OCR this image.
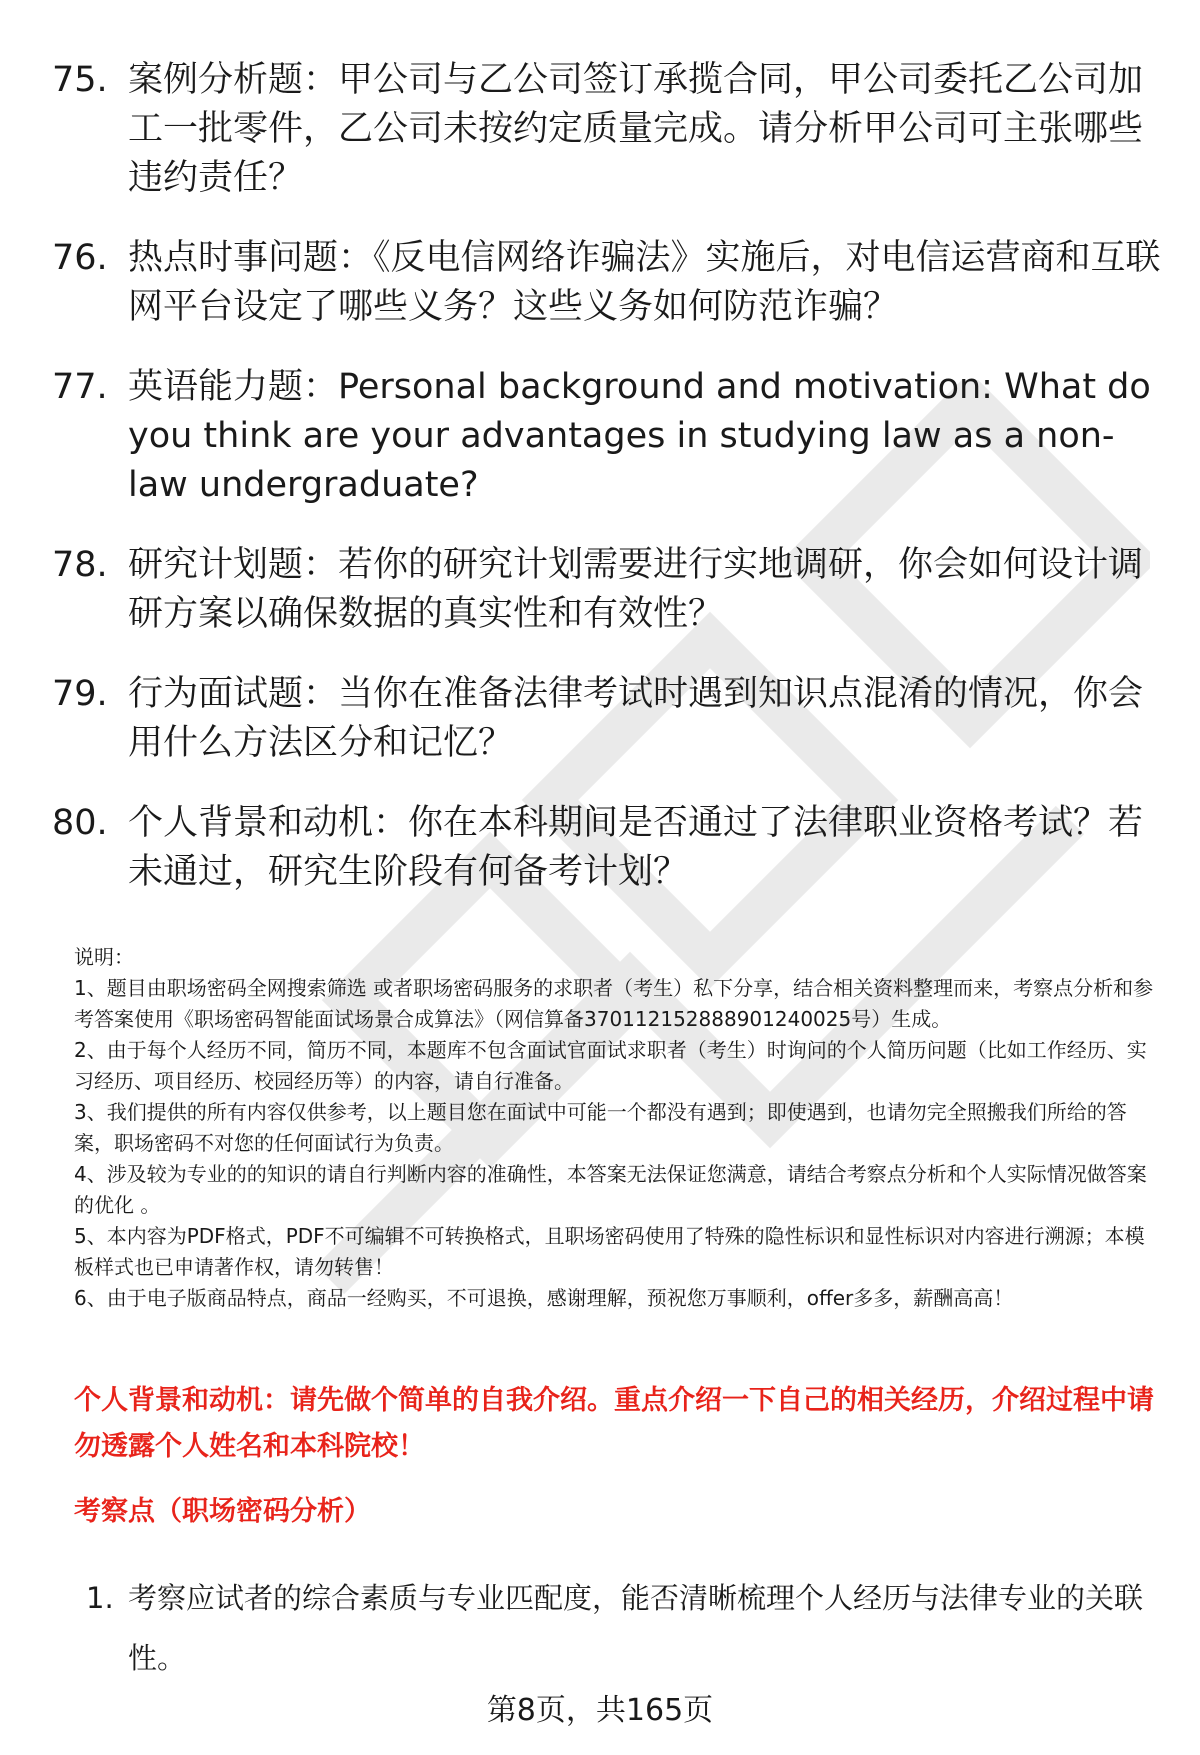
75. 案例分析题：甲公司与乙公司签订承揽合同，甲公司委托乙公司加工一批零件，乙公司未按约定质量完成。请分析甲公司可主张哪些违约责任？
76. 热点时事问题：《反电信网络诈骗法》实施后，对电信运营商和互联网平台设定了哪些义务？这些义务如何防范诈骗？
77. 英语能力题：Personal background and motivation: What do you think are your advantages in studying law as a non-law undergraduate?
78. 研究计划题：若你的研究计划需要进行实地调研，你会如何设计调研方案以确保数据的真实性和有效性？
79. 行为面试题：当你在准备法律考试时遇到知识点混淆的情况，你会用什么方法区分和记忆？
80. 个人背景和动机：你在本科期间是否通过了法律职业资格考试？若未通过，研究生阶段有何备考计划？

说明：

1、题目由职场密码全网搜索筛选 或者职场密码服务的求职者（考生）私下分享，结合相关资料整理而来，考察点分析和参考答案使用《职场密码智能面试场景合成算法》（网信算备370112152888901240025号）生成。

2、由于每个人经历不同，简历不同，本题库不包含面试官面试求职者（考生）时询问的个人简历问题（比如工作经历、实习经历、项目经历、校园经历等）的内容，请自行准备。

3、我们提供的所有内容仅供参考，以上题目您在面试中可能一个都没有遇到；即使遇到，也请勿完全照搬我们所给的答案，职场密码不对您的任何面试行为负责。

4、涉及较为专业的的知识的请自行判断内容的准确性，本答案无法保证您满意，请结合考察点分析和个人实际情况做答案的优化 。

5、本内容为PDF格式，PDF不可编辑不可转换格式，且职场密码使用了特殊的隐性标识和显性标识对内容进行溯源；本模板样式也已申请著作权，请勿转售！

6、由于电子版商品特点，商品一经购买，不可退换，感谢理解，预祝您万事顺利，offer多多，薪酬高高！

个人背景和动机：请先做个简单的自我介绍。重点介绍一下自己的相关经历，介绍过程中请勿透露个人姓名和本科院校！
考察点（职场密码分析）
1. 考察应试者的综合素质与专业匹配度，能否清晰梳理个人经历与法律专业的关联性。
第8页，共165页
